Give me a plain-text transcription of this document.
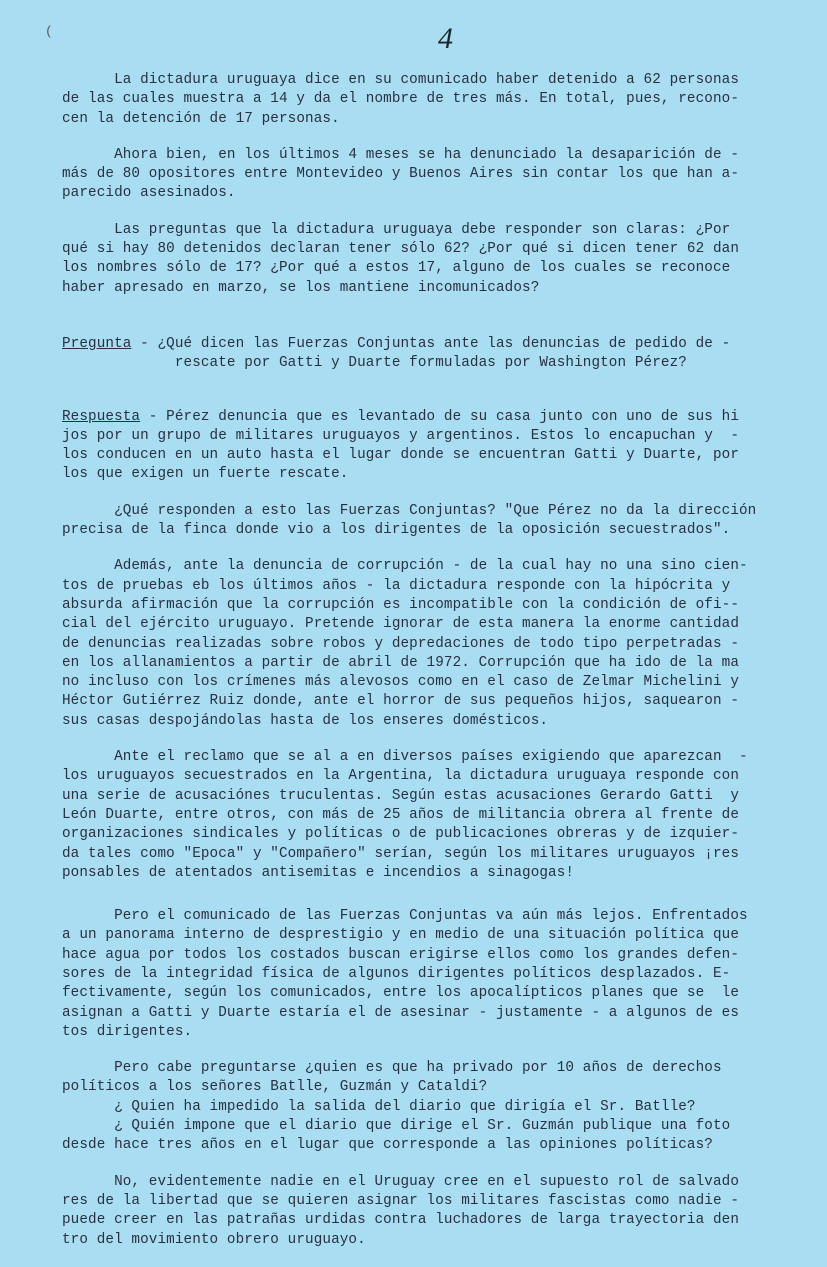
(	4
La dictadura uruguaya dice en su comunicado haber detenido a 62 personas
de las cuales muestra a 14 y da el nombre de tres más. En total, pues, recono-
cen la detención de 17 personas.
Ahora bien, en los últimos 4 meses se ha denunciado la desaparición de -
más de 80 opositores entre Montevideo y Buenos Aires sin contar los que han a-
parecido asesinados.
Las preguntas que la dictadura uruguaya debe responder son claras: ¿Por
qué si hay 80 detenidos declaran tener sólo 62? ¿Por qué si dicen tener 62 dan
los nombres sólo de 17? ¿Por qué a estos 17, alguno de los cuales se reconoce
haber apresado en marzo, se los mantiene incomunicados?
Pregunta - ¿Qué dicen las Fuerzas Conjuntas ante las denuncias de pedido de -
rescate por Gatti y Duarte formuladas por Washington Pérez?
Respuesta - Pérez denuncia que es levantado de su casa junto con uno de sus hi
jos por un grupo de militares uruguayos y argentinos. Estos lo encapuchan y  -
los conducen en un auto hasta el lugar donde se encuentran Gatti y Duarte, por
los que exigen un fuerte rescate.
¿Qué responden a esto las Fuerzas Conjuntas? "Que Pérez no da la dirección
precisa de la finca donde vio a los dirigentes de la oposición secuestrados".
Además, ante la denuncia de corrupción - de la cual hay no una sino cien-
tos de pruebas eb los últimos años - la dictadura responde con la hipócrita y
absurda afirmación que la corrupción es incompatible con la condición de ofi--
cial del ejército uruguayo. Pretende ignorar de esta manera la enorme cantidad
de denuncias realizadas sobre robos y depredaciones de todo tipo perpetradas -
en los allanamientos a partir de abril de 1972. Corrupción que ha ido de la ma
no incluso con los crímenes más alevosos como en el caso de Zelmar Michelini y
Héctor Gutiérrez Ruiz donde, ante el horror de sus pequeños hijos, saquearon -
sus casas despojándolas hasta de los enseres domésticos.
Ante el reclamo que se al a en diversos países exigiendo que aparezcan  -
los uruguayos secuestrados en la Argentina, la dictadura uruguaya responde con
una serie de acusaciónes truculentas. Según estas acusaciones Gerardo Gatti  y
León Duarte, entre otros, con más de 25 años de militancia obrera al frente de
organizaciones sindicales y políticas o de publicaciones obreras y de izquier-
da tales como "Epoca" y "Compañero" serían, según los militares uruguayos ¡res
ponsables de atentados antisemitas e incendios a sinagogas!
Pero el comunicado de las Fuerzas Conjuntas va aún más lejos. Enfrentados
a un panorama interno de desprestigio y en medio de una situación política que
hace agua por todos los costados buscan erigirse ellos como los grandes defen-
sores de la integridad física de algunos dirigentes políticos desplazados. E-
fectivamente, según los comunicados, entre los apocalípticos planes que se  le
asignan a Gatti y Duarte estaría el de asesinar - justamente - a algunos de es
tos dirigentes.
Pero cabe preguntarse ¿quien es que ha privado por 10 años de derechos
políticos a los señores Batlle, Guzmán y Cataldi?
¿ Quien ha impedido la salida del diario que dirigía el Sr. Batlle?
¿ Quién impone que el diario que dirige el Sr. Guzmán publique una foto
desde hace tres años en el lugar que corresponde a las opiniones políticas?
No, evidentemente nadie en el Uruguay cree en el supuesto rol de salvado
res de la libertad que se quieren asignar los militares fascistas como nadie -
puede creer en las patrañas urdidas contra luchadores de larga trayectoria den
tro del movimiento obrero uruguayo.
